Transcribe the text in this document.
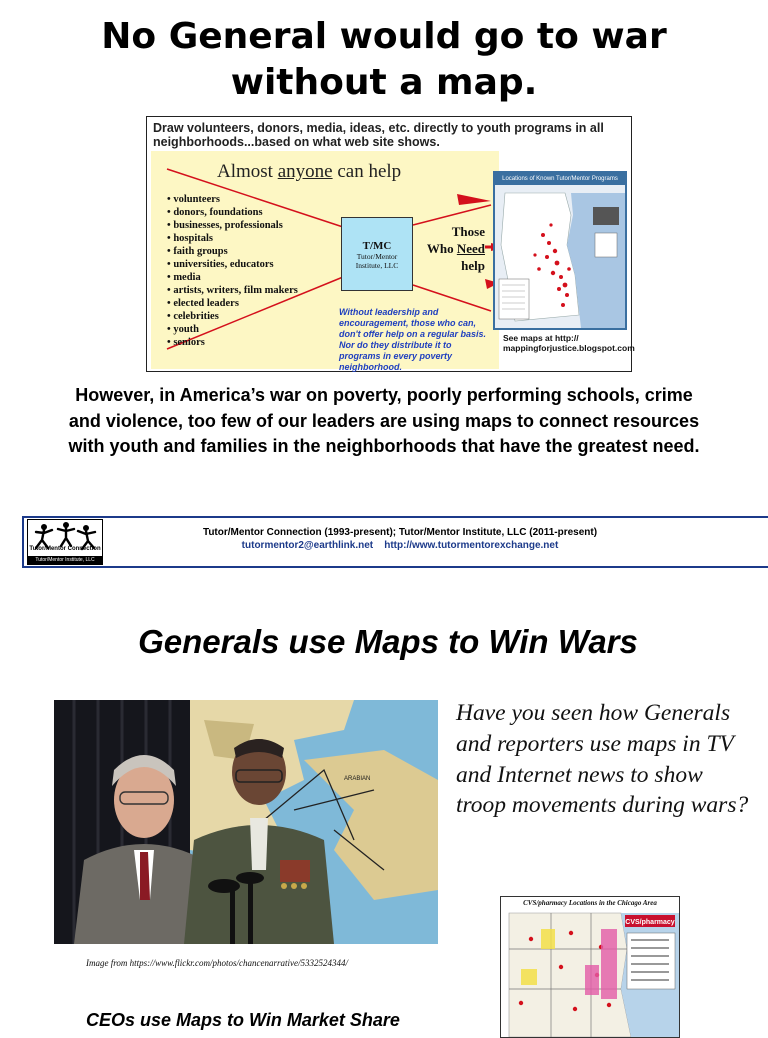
No General would go to war
without a map.
Draw volunteers, donors, media, ideas, etc. directly to youth programs in all neighborhoods...based on what web site shows.
Almost anyone can help
• volunteers
• donors, foundations
• businesses, professionals
• hospitals
• faith groups
• universities, educators
• media
• artists, writers, film makers
• elected leaders
• celebrities
• youth
• seniors
T/MC
Tutor/Mentor
Institute, LLC
Those
Who Need
help
Without leadership and encouragement, those who can, don't offer help on a regular basis. Nor do they distribute it to programs in every poverty neighborhood.
Locations of Known Tutor/Mentor Programs
See maps at http:// mappingforjustice.blogspot.com
However, in America’s war on poverty, poorly performing schools, crime and violence, too few of our leaders are using maps to connect resources with youth and families in the neighborhoods that have the greatest need.
Tutor/Mentor Connection
Tutor/Mentor Institute, LLC
Tutor/Mentor Connection (1993-present); Tutor/Mentor Institute, LLC (2011-present)
tutormentor2@earthlink.net http://www.tutormentorexchange.net
Generals use Maps to Win Wars
ARABIAN
Image from https://www.flickr.com/photos/chancenarrative/5332524344/
Have you seen how Generals and reporters use maps in TV and Internet news to show troop movements during wars?
CVS/pharmacy Locations in the Chicago Area
CVS/pharmacy
CEOs use Maps to Win Market Share
